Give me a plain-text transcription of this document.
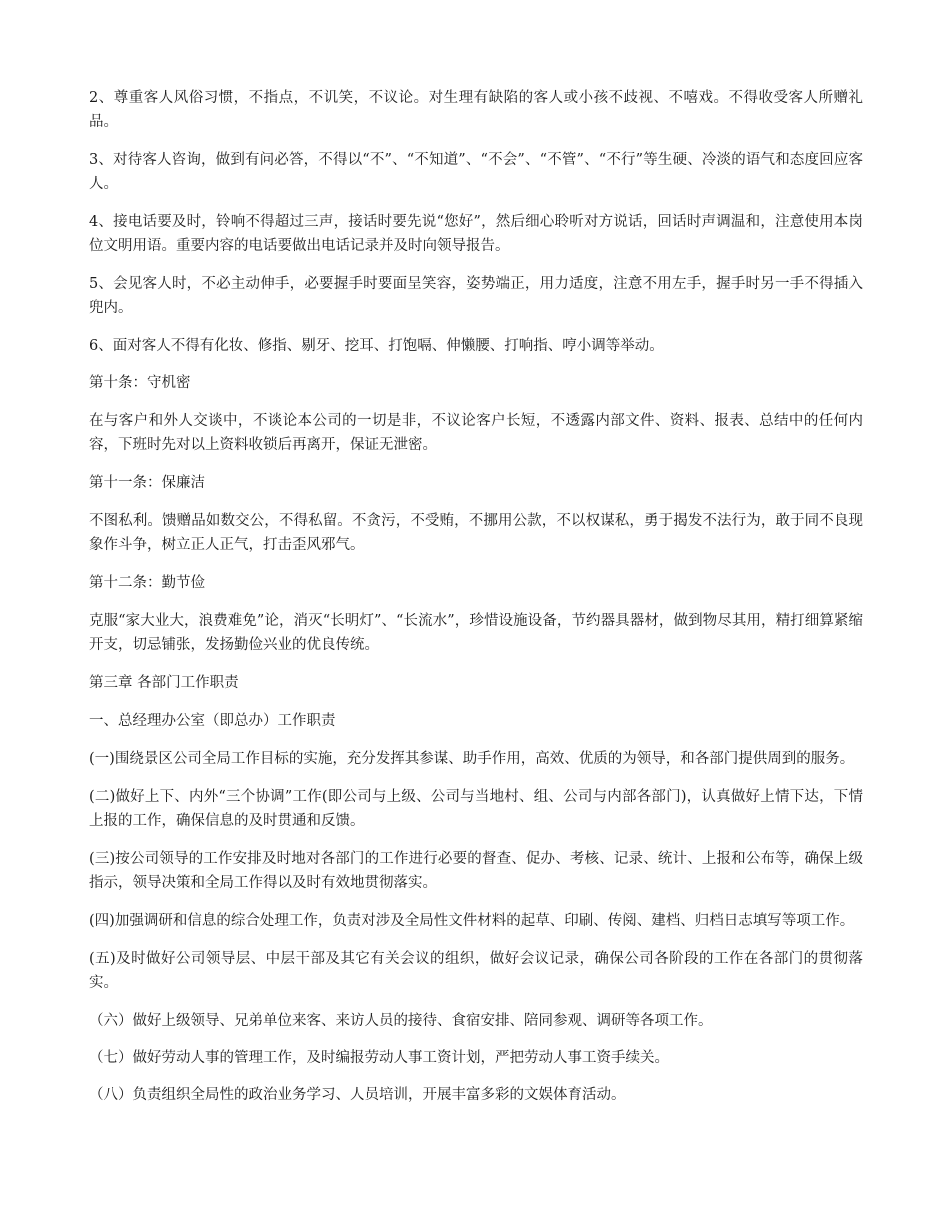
2、尊重客人风俗习惯，不指点，不讥笑，不议论。对生理有缺陷的客人或小孩不歧视、不嘻戏。不得收受客人所赠礼品。

3、对待客人咨询，做到有问必答，不得以“不”、“不知道”、“不会”、“不管”、“不行”等生硬、冷淡的语气和态度回应客人。

4、接电话要及时，铃响不得超过三声，接话时要先说“您好”，然后细心聆听对方说话，回话时声调温和，注意使用本岗位文明用语。重要内容的电话要做出电话记录并及时向领导报告。

5、会见客人时，不必主动伸手，必要握手时要面呈笑容，姿势端正，用力适度，注意不用左手，握手时另一手不得插入兜内。

6、面对客人不得有化妆、修指、剔牙、挖耳、打饱嗝、伸懒腰、打响指、哼小调等举动。

第十条：守机密

在与客户和外人交谈中，不谈论本公司的一切是非，不议论客户长短，不透露内部文件、资料、报表、总结中的任何内容，下班时先对以上资料收锁后再离开，保证无泄密。

第十一条：保廉洁

不图私利。馈赠品如数交公，不得私留。不贪污，不受贿，不挪用公款，不以权谋私，勇于揭发不法行为，敢于同不良现象作斗争，树立正人正气，打击歪风邪气。

第十二条：勤节俭

克服“家大业大，浪费难免”论，消灭“长明灯”、“长流水”，珍惜设施设备，节约器具器材，做到物尽其用，精打细算紧缩开支，切忌铺张，发扬勤俭兴业的优良传统。

第三章 各部门工作职责

一、总经理办公室（即总办）工作职责

(一)围绕景区公司全局工作目标的实施，充分发挥其参谋、助手作用，高效、优质的为领导，和各部门提供周到的服务。

(二)做好上下、内外“三个协调”工作(即公司与上级、公司与当地村、组、公司与内部各部门)，认真做好上情下达，下情上报的工作，确保信息的及时贯通和反馈。

(三)按公司领导的工作安排及时地对各部门的工作进行必要的督查、促办、考核、记录、统计、上报和公布等，确保上级指示，领导决策和全局工作得以及时有效地贯彻落实。

(四)加强调研和信息的综合处理工作，负责对涉及全局性文件材料的起草、印刷、传阅、建档、归档日志填写等项工作。

(五)及时做好公司领导层、中层干部及其它有关会议的组织，做好会议记录，确保公司各阶段的工作在各部门的贯彻落实。

（六）做好上级领导、兄弟单位来客、来访人员的接待、食宿安排、陪同参观、调研等各项工作。

（七）做好劳动人事的管理工作，及时编报劳动人事工资计划，严把劳动人事工资手续关。

（八）负责组织全局性的政治业务学习、人员培训，开展丰富多彩的文娱体育活动。
